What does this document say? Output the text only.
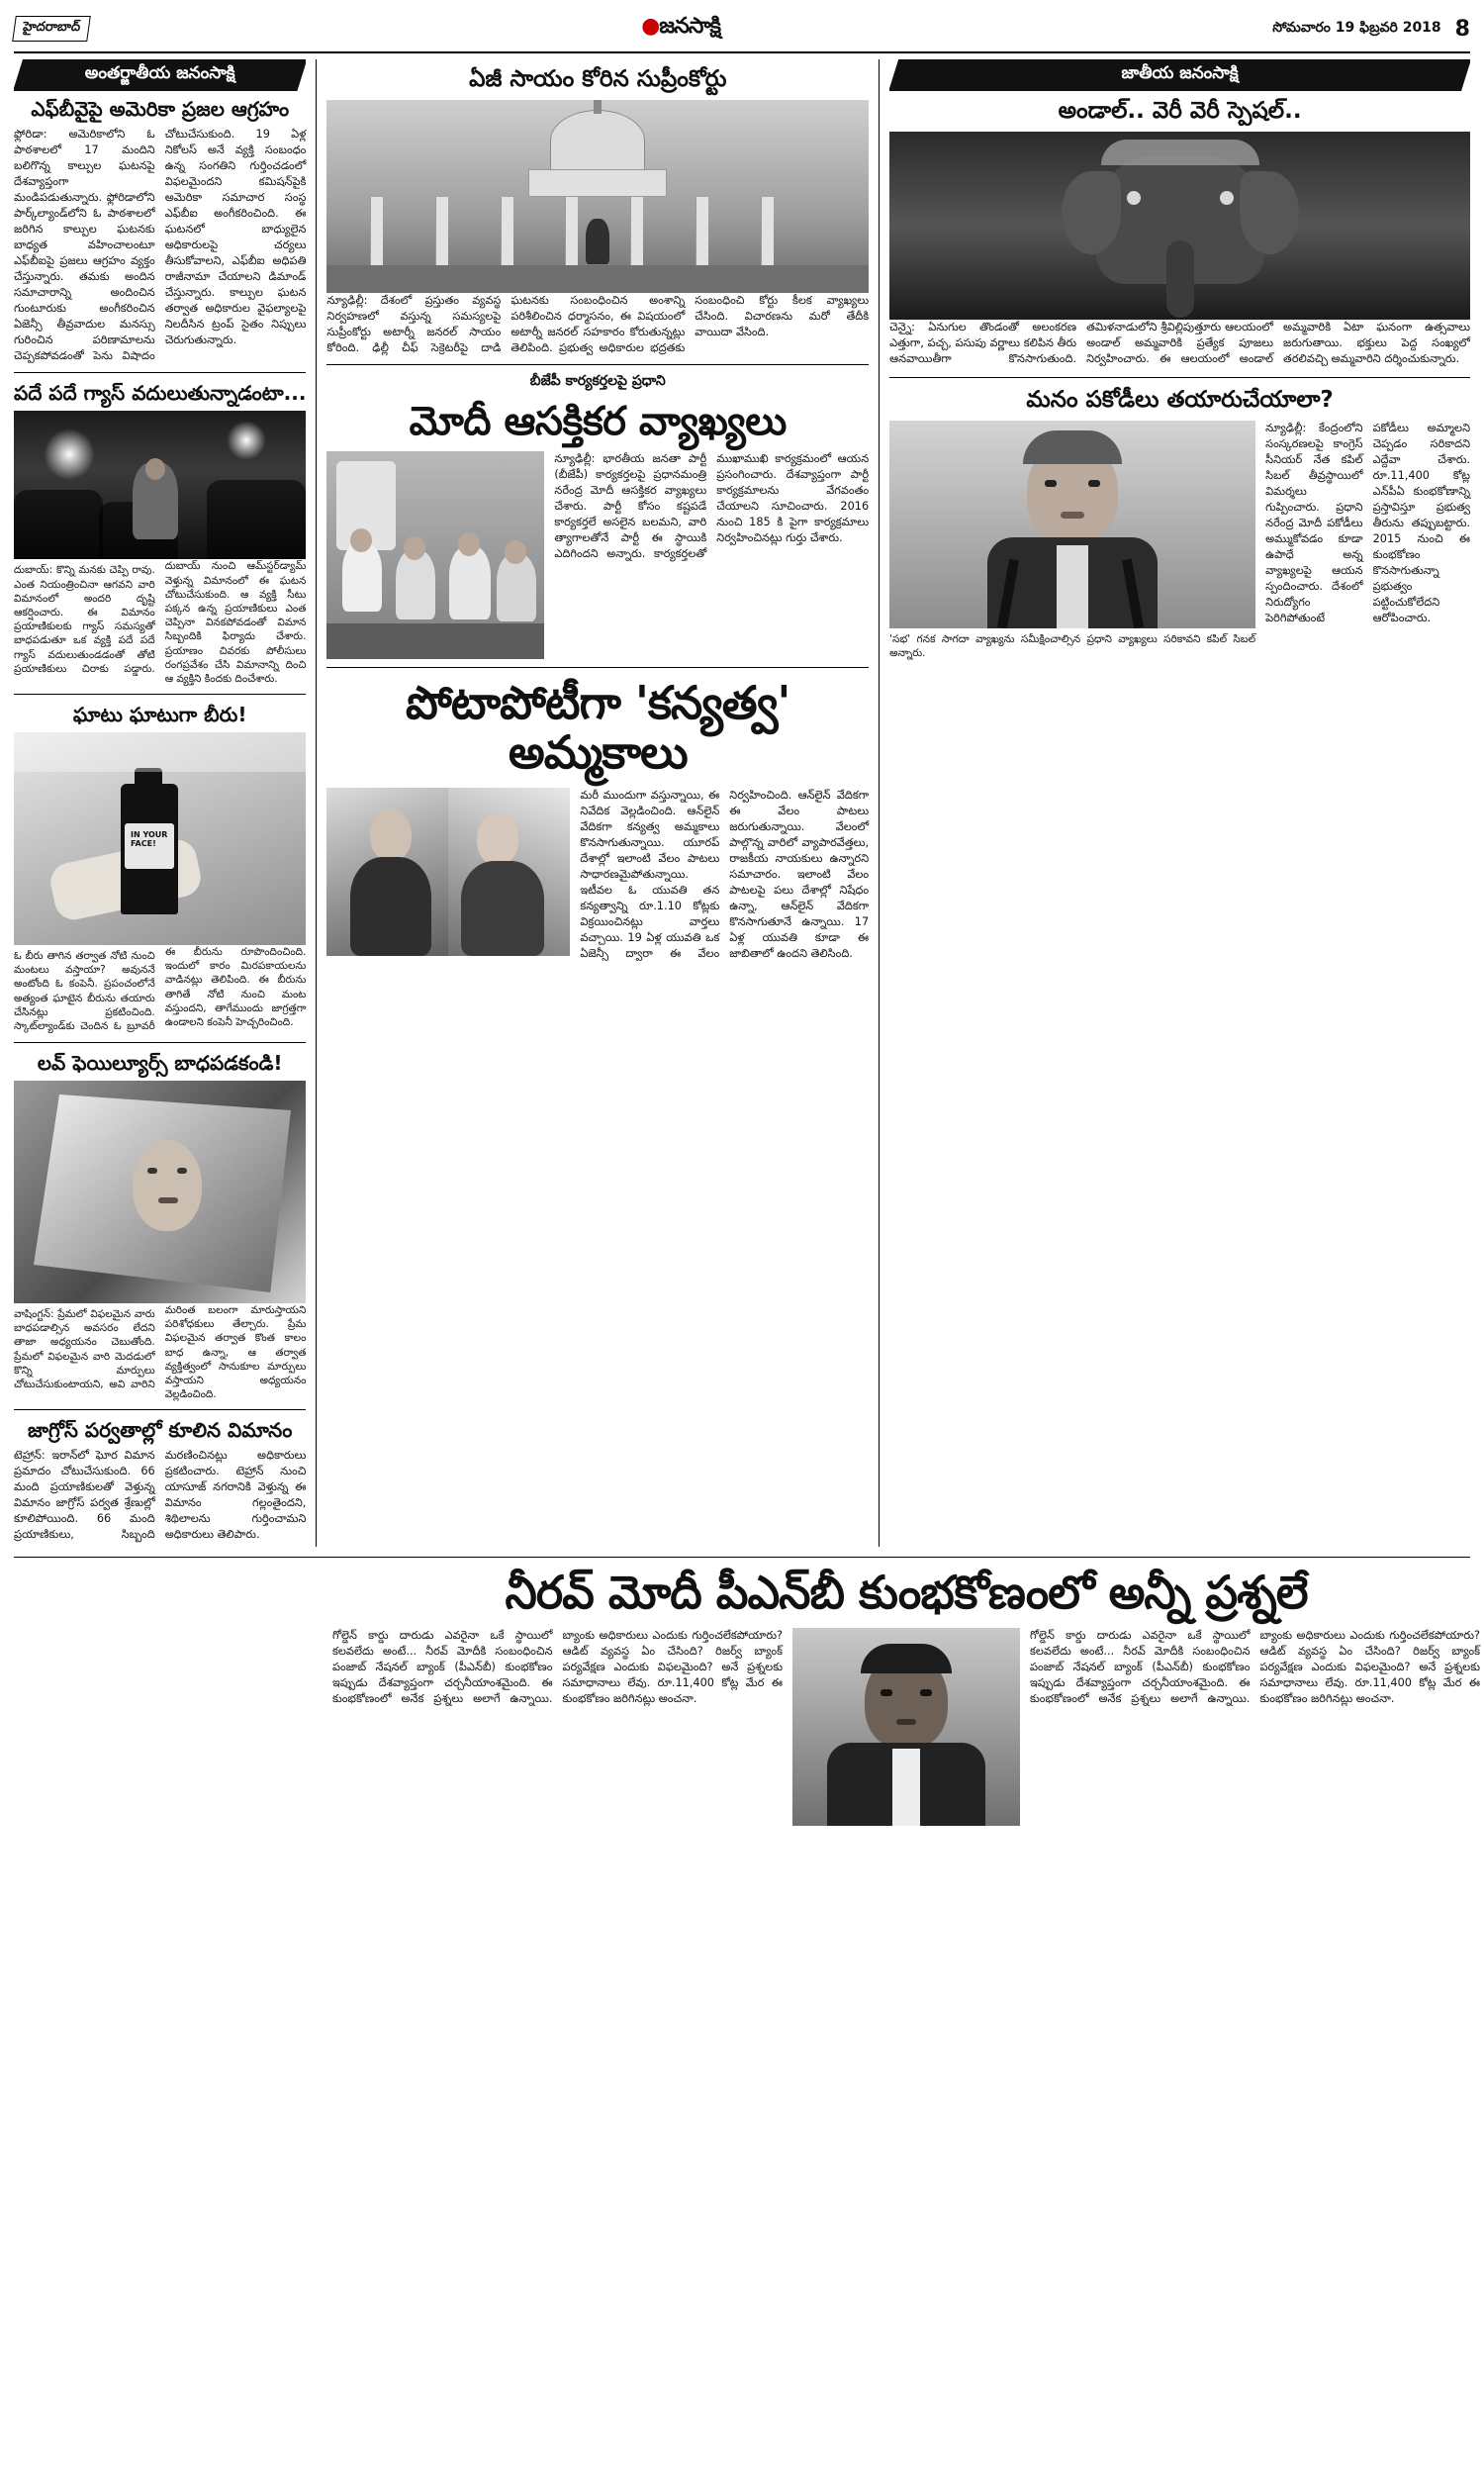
హైదరాబాద్	●జనసాక్షి	సోమవారం 19 ఫిబ్రవరి 2018 8
అంతర్జాతీయ జనంసాక్షి
ఎఫ్‌బీవైపై అమెరికా ప్రజల ఆగ్రహం

ఫ్లోరిడా: అమెరికాలోని ఓ పాఠశాలలో 17 మందిని బలిగొన్న కాల్పుల ఘటనపై దేశవ్యాప్తంగా మండిపడుతున్నారు. ఫ్లోరిడాలోని పార్క్‌ల్యాండ్‌లోని ఓ పాఠశాలలో జరిగిన కాల్పుల ఘటనకు బాధ్యత వహించాలంటూ ఎఫ్‌బీఐపై ప్రజలు ఆగ్రహం వ్యక్తం చేస్తున్నారు. తమకు అందిన సమాచారాన్ని అందించిన గుంటూరుకు అంగీకరించిన ఏజెన్సీ తీవ్రవాదుల మనస్సు గురించిన పరిణామాలను చెప్పకపోవడంతో పెను విషాదం చోటుచేసుకుంది. 19 ఏళ్ల నికోలస్ అనే వ్యక్తి సంబంధం ఉన్న సంగతిని గుర్తించడంలో విఫలమైందని కమిషన్‌పైకి అమెరికా సమాచార సంస్థ ఎఫ్‌బీఐ అంగీకరించింది. ఈ ఘటనలో బాధ్యులైన అధికారులపై చర్యలు తీసుకోవాలని, ఎఫ్‌బీఐ అధిపతి రాజీనామా చేయాలని డిమాండ్ చేస్తున్నారు. కాల్పుల ఘటన తర్వాత అధికారుల వైఫల్యాలపై నిలదీసిన ట్రంప్ సైతం నిప్పులు చెరుగుతున్నారు.

పదే పదే గ్యాస్ వదులుతున్నాడంటా...

దుబాయ్: కొన్ని మనకు చెప్పి రావు. ఎంత నియంత్రించినా ఆగవని వారి విమానంలో అందరి దృష్టి ఆకర్షించారు. ఈ విమానం ప్రయాణికులకు గ్యాస్ సమస్యతో బాధపడుతూ ఒక వ్యక్తి పదే పదే గ్యాస్ వదులుతుండడంతో తోటి ప్రయాణికులు చిరాకు పడ్డారు. దుబాయ్ నుంచి ఆమ్‌స్టర్‌డ్యామ్ వెళ్తున్న విమానంలో ఈ ఘటన చోటుచేసుకుంది. ఆ వ్యక్తి సీటు పక్కన ఉన్న ప్రయాణికులు ఎంత చెప్పినా వినకపోవడంతో విమాన సిబ్బందికి ఫిర్యాదు చేశారు. ప్రయాణం చివరకు పోలీసులు రంగప్రవేశం చేసి విమానాన్ని దించి ఆ వ్యక్తిని కిందకు దించేశారు.

ఘాటు ఘాటుగా బీరు!
IN YOUR
FACE!

ఓ బీరు తాగిన తర్వాత నోటి నుంచి మంటలు వస్తాయా? అవుననే అంటోంది ఓ కంపెనీ. ప్రపంచంలోనే అత్యంత ఘాటైన బీరును తయారు చేసినట్లు ప్రకటించింది. స్కాట్‌ల్యాండ్‌కు చెందిన ఓ బ్రూవరీ ఈ బీరును రూపొందించింది. ఇందులో కారం మిరపకాయలను వాడినట్లు తెలిపింది. ఈ బీరును తాగితే నోటి నుంచి మంట వస్తుందని, తాగేముందు జాగ్రత్తగా ఉండాలని కంపెనీ హెచ్చరించింది.

లవ్ ఫెయిల్యూర్స్ బాధపడకండి!

వాషింగ్టన్: ప్రేమలో విఫలమైన వారు బాధపడాల్సిన అవసరం లేదని తాజా అధ్యయనం చెబుతోంది. ప్రేమలో విఫలమైన వారి మెదడులో కొన్ని మార్పులు చోటుచేసుకుంటాయని, అవి వారిని మరింత బలంగా మారుస్తాయని పరిశోధకులు తేల్చారు. ప్రేమ విఫలమైన తర్వాత కొంత కాలం బాధ ఉన్నా, ఆ తర్వాత వ్యక్తిత్వంలో సానుకూల మార్పులు వస్తాయని అధ్యయనం వెల్లడించింది.

జాగ్రోస్ పర్వతాల్లో కూలిన విమానం

టెహ్రాన్: ఇరాన్‌లో ఘోర విమాన ప్రమాదం చోటుచేసుకుంది. 66 మంది ప్రయాణికులతో వెళ్తున్న విమానం జాగ్రోస్ పర్వత శ్రేణుల్లో కూలిపోయింది. 66 మంది ప్రయాణికులు, సిబ్బంది మరణించినట్లు అధికారులు ప్రకటించారు. టెహ్రాన్ నుంచి యాసూజ్ నగరానికి వెళ్తున్న ఈ విమానం గల్లంతైందని, శిథిలాలను గుర్తించామని అధికారులు తెలిపారు.

ఏజీ సాయం కోరిన సుప్రీంకోర్టు

న్యూఢిల్లీ: దేశంలో ప్రస్తుతం వ్యవస్థ నిర్వహణలో వస్తున్న సమస్యలపై సుప్రీంకోర్టు అటార్నీ జనరల్ సాయం కోరింది. ఢిల్లీ చీఫ్ సెక్రెటరీపై దాడి ఘటనకు సంబంధించిన అంశాన్ని పరిశీలించిన ధర్మాసనం, ఈ విషయంలో అటార్నీ జనరల్ సహకారం కోరుతున్నట్లు తెలిపింది. ప్రభుత్వ అధికారుల భద్రతకు సంబంధించి కోర్టు కీలక వ్యాఖ్యలు చేసింది. విచారణను మరో తేదీకి వాయిదా వేసింది.

బీజేపీ కార్యకర్తలపై ప్రధాని
మోదీ ఆసక్తికర వ్యాఖ్యలు

న్యూఢిల్లీ: భారతీయ జనతా పార్టీ (బీజేపీ) కార్యకర్తలపై ప్రధానమంత్రి నరేంద్ర మోదీ ఆసక్తికర వ్యాఖ్యలు చేశారు. పార్టీ కోసం కష్టపడే కార్యకర్తలే అసలైన బలమని, వారి త్యాగాలతోనే పార్టీ ఈ స్థాయికి ఎదిగిందని అన్నారు. కార్యకర్తలతో ముఖాముఖి కార్యక్రమంలో ఆయన ప్రసంగించారు. దేశవ్యాప్తంగా పార్టీ కార్యక్రమాలను వేగవంతం చేయాలని సూచించారు. 2016 నుంచి 185 కి పైగా కార్యక్రమాలు నిర్వహించినట్లు గుర్తు చేశారు.

పోటాపోటీగా 'కన్యత్వ' అమ్మకాలు

మరీ ముందుగా వస్తున్నాయి, ఈ నివేదిక వెల్లడించింది. ఆన్‌లైన్ వేదికగా కన్యత్వ అమ్మకాలు కొనసాగుతున్నాయి. యూరప్ దేశాల్లో ఇలాంటి వేలం పాటలు సాధారణమైపోతున్నాయి. ఇటీవల ఓ యువతి తన కన్యత్వాన్ని రూ.1.10 కోట్లకు విక్రయించినట్లు వార్తలు వచ్చాయి. 19 ఏళ్ల యువతి ఒక ఏజెన్సీ ద్వారా ఈ వేలం నిర్వహించింది. ఆన్‌లైన్ వేదికగా ఈ వేలం పాటలు జరుగుతున్నాయి. వేలంలో పాల్గొన్న వారిలో వ్యాపారవేత్తలు, రాజకీయ నాయకులు ఉన్నారని సమాచారం. ఇలాంటి వేలం పాటలపై పలు దేశాల్లో నిషేధం ఉన్నా, ఆన్‌లైన్ వేదికగా కొనసాగుతూనే ఉన్నాయి. 17 ఏళ్ల యువతి కూడా ఈ జాబితాలో ఉందని తెలిసింది.

జాతీయ జనంసాక్షి
అండాల్.. వెరీ వెరీ స్పెషల్..

చెన్నై: ఏనుగుల తొండంతో అలంకరణ ఎత్తుగా, పచ్చ, పసుపు వర్ణాలు కలిపిన తీరు ఆనవాయితీగా కొనసాగుతుంది. తమిళనాడులోని శ్రీవిల్లిపుత్తూరు ఆలయంలో అండాల్ అమ్మవారికి ప్రత్యేక పూజలు నిర్వహించారు. ఈ ఆలయంలో అండాల్ అమ్మవారికి ఏటా ఘనంగా ఉత్సవాలు జరుగుతాయి. భక్తులు పెద్ద సంఖ్యలో తరలివచ్చి అమ్మవారిని దర్శించుకున్నారు.

మనం పకోడీలు తయారుచేయాలా?

'సభ' గనక సాగదా వ్యాఖ్యను సమీక్షించాల్సిన ప్రధాని వ్యాఖ్యలు సరికావని కపిల్ సిబల్ అన్నారు.

న్యూఢిల్లీ: కేంద్రంలోని సంస్కరణలపై కాంగ్రెస్ సీనియర్ నేత కపిల్ సిబల్ తీవ్రస్థాయిలో విమర్శలు గుప్పించారు. ప్రధాని నరేంద్ర మోదీ పకోడీలు అమ్ముకోవడం కూడా ఉపాధే అన్న వ్యాఖ్యలపై ఆయన స్పందించారు. దేశంలో నిరుద్యోగం పెరిగిపోతుంటే పకోడీలు అమ్మాలని చెప్పడం సరికాదని ఎద్దేవా చేశారు. రూ.11,400 కోట్ల ఎన్‌పీఏ కుంభకోణాన్ని ప్రస్తావిస్తూ ప్రభుత్వ తీరును తప్పుబట్టారు. 2015 నుంచి ఈ కుంభకోణం కొనసాగుతున్నా ప్రభుత్వం పట్టించుకోలేదని ఆరోపించారు.

నీరవ్ మోదీ పీఎన్‌బీ కుంభకోణంలో అన్నీ ప్రశ్నలే

గోల్డెన్ కార్డు దారుడు ఎవరైనా ఒకే స్థాయిలో కలవలేదు అంటే... నీరవ్ మోదీకి సంబంధించిన పంజాబ్ నేషనల్ బ్యాంక్ (పీఎన్‌బీ) కుంభకోణం ఇప్పుడు దేశవ్యాప్తంగా చర్చనీయాంశమైంది. ఈ కుంభకోణంలో అనేక ప్రశ్నలు అలాగే ఉన్నాయి. బ్యాంకు అధికారులు ఎందుకు గుర్తించలేకపోయారు? ఆడిట్ వ్యవస్థ ఏం చేసింది? రిజర్వ్ బ్యాంక్ పర్యవేక్షణ ఎందుకు విఫలమైంది? అనే ప్రశ్నలకు సమాధానాలు లేవు. రూ.11,400 కోట్ల మేర ఈ కుంభకోణం జరిగినట్లు అంచనా.

గోల్డెన్ కార్డు దారుడు ఎవరైనా ఒకే స్థాయిలో కలవలేదు అంటే... నీరవ్ మోదీకి సంబంధించిన పంజాబ్ నేషనల్ బ్యాంక్ (పీఎన్‌బీ) కుంభకోణం ఇప్పుడు దేశవ్యాప్తంగా చర్చనీయాంశమైంది. ఈ కుంభకోణంలో అనేక ప్రశ్నలు అలాగే ఉన్నాయి. బ్యాంకు అధికారులు ఎందుకు గుర్తించలేకపోయారు? ఆడిట్ వ్యవస్థ ఏం చేసింది? రిజర్వ్ బ్యాంక్ పర్యవేక్షణ ఎందుకు విఫలమైంది? అనే ప్రశ్నలకు సమాధానాలు లేవు. రూ.11,400 కోట్ల మేర ఈ కుంభకోణం జరిగినట్లు అంచనా.
